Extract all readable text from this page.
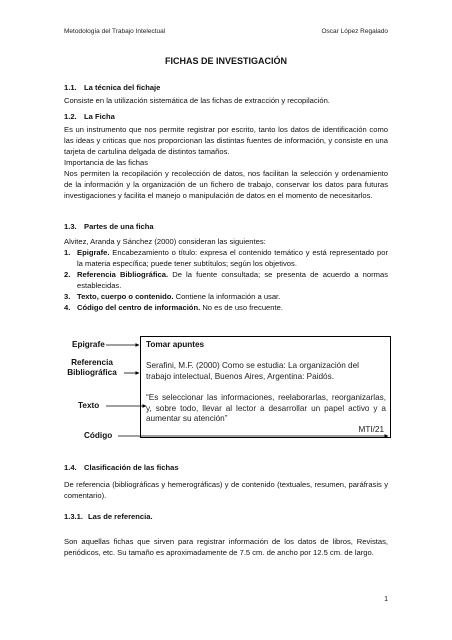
Metodología del Trabajo Intelectual	Oscar López Regalado
FICHAS DE INVESTIGACIÓN
1.1. La técnica del fichaje
Consiste en la utilización sistemática de las fichas de extracción y recopilación.
1.2. La Ficha
Es un instrumento que nos permite registrar por escrito, tanto los datos de identificación como las ideas y criticas que nos proporcionan las distintas fuentes de información, y consiste en una tarjeta de cartulina delgada de distintos tamaños.
Importancia de las fichas
Nos permiten la recopilación y recolección de datos, nos facilitan la selección y ordenamiento de la información y la organización de un fichero de trabajo, conservar los datos para futuras investigaciones y facilita el manejo o manipulación de datos en el momento de necesitarlos.
1.3. Partes de una ficha
Alvitez, Aranda y Sánchez (2000) consideran las siguientes:
1. Epigrafe. Encabezamiento o título: expresa el contenido temático y está representado por la materia específica; puede tener subtítulos; según los objetivos.
2. Referencia Bibliográfica. De la fuente consultada; se presenta de acuerdo a normas establecidas.
3. Texto, cuerpo o contenido. Contiene la información a usar.
4. Código del centro de información. No es de uso frecuente.
Epigrafe
Referencia Bibliográfica
Texto
Código
Tomar apuntes
Serafini, M.F. (2000) Como se estudia: La organización del trabajo intelectual, Buenos Aires, Argentina: Paidós.
“Es seleccionar las informaciones, reelaborarlas, reorganizarlas, y, sobre todo, llevar al lector a desarrollar un papel activo y a aumentar su atención”
MTI/21
1.4. Clasificación de las fichas
De referencia (bibliográficas y hemerográficas) y de contenido (textuales, resumen, paráfrasis y comentario).
1.3.1. Las de referencia.
Son aquellas fichas que sirven para registrar información de los datos de libros, Revistas, periódicos, etc. Su tamaño es aproximadamente de 7.5 cm. de ancho por 12.5 cm. de largo.
1
